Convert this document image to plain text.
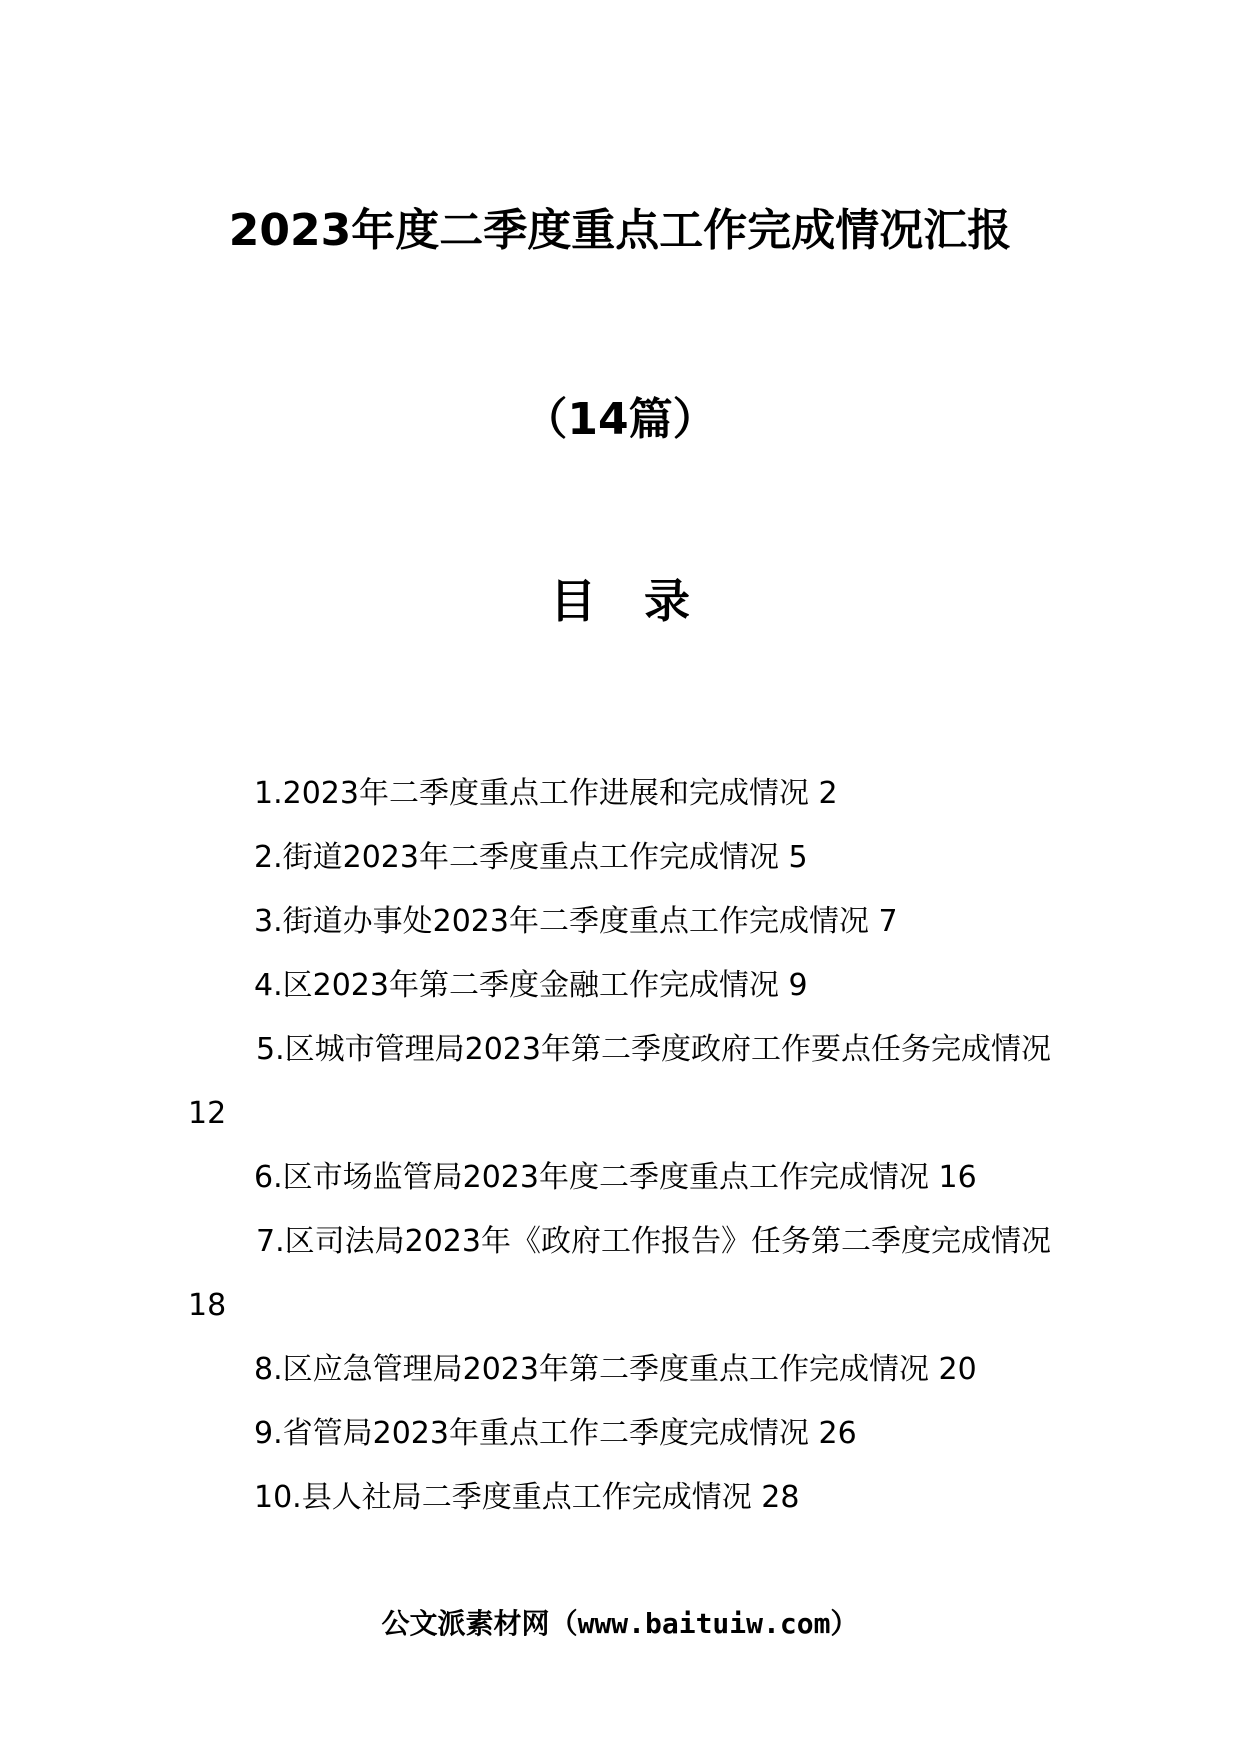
2023年度二季度重点工作完成情况汇报
（14篇）
目 录
1.2023年二季度重点工作进展和完成情况 2
2.街道2023年二季度重点工作完成情况 5
3.街道办事处2023年二季度重点工作完成情况 7
4.区2023年第二季度金融工作完成情况 9
5.区城市管理局2023年第二季度政府工作要点任务完成情况 12
6.区市场监管局2023年度二季度重点工作完成情况 16
7.区司法局2023年《政府工作报告》任务第二季度完成情况 18
8.区应急管理局2023年第二季度重点工作完成情况 20
9.省管局2023年重点工作二季度完成情况 26
10.县人社局二季度重点工作完成情况 28
公文派素材网（www.baituiw.com）
